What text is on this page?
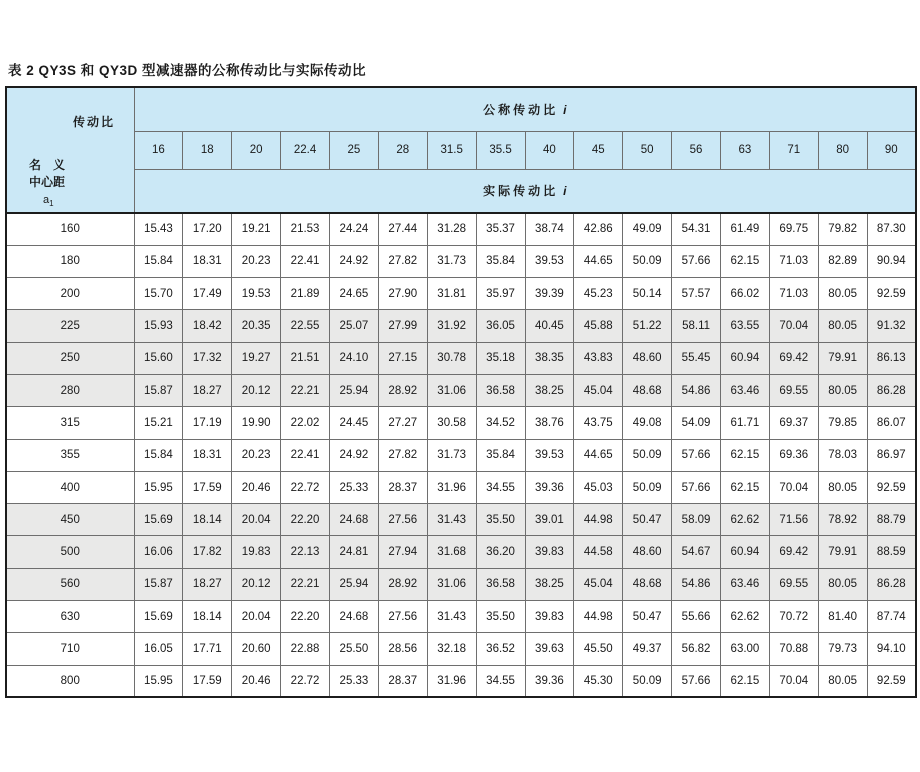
表 2 QY3S 和 QY3D 型减速器的公称传动比与实际传动比
传动比
名　义
中心距
$a_1$	公称传动比 i															
	16	18	20	22.4	25	28	31.5	35.5	40	45	50	56	63	71	80	90
	实际传动比 i															
160	15.43	17.20	19.21	21.53	24.24	27.44	31.28	35.37	38.74	42.86	49.09	54.31	61.49	69.75	79.82	87.30
180	15.84	18.31	20.23	22.41	24.92	27.82	31.73	35.84	39.53	44.65	50.09	57.66	62.15	71.03	82.89	90.94
200	15.70	17.49	19.53	21.89	24.65	27.90	31.81	35.97	39.39	45.23	50.14	57.57	66.02	71.03	80.05	92.59
225	15.93	18.42	20.35	22.55	25.07	27.99	31.92	36.05	40.45	45.88	51.22	58.11	63.55	70.04	80.05	91.32
250	15.60	17.32	19.27	21.51	24.10	27.15	30.78	35.18	38.35	43.83	48.60	55.45	60.94	69.42	79.91	86.13
280	15.87	18.27	20.12	22.21	25.94	28.92	31.06	36.58	38.25	45.04	48.68	54.86	63.46	69.55	80.05	86.28
315	15.21	17.19	19.90	22.02	24.45	27.27	30.58	34.52	38.76	43.75	49.08	54.09	61.71	69.37	79.85	86.07
355	15.84	18.31	20.23	22.41	24.92	27.82	31.73	35.84	39.53	44.65	50.09	57.66	62.15	69.36	78.03	86.97
400	15.95	17.59	20.46	22.72	25.33	28.37	31.96	34.55	39.36	45.03	50.09	57.66	62.15	70.04	80.05	92.59
450	15.69	18.14	20.04	22.20	24.68	27.56	31.43	35.50	39.01	44.98	50.47	58.09	62.62	71.56	78.92	88.79
500	16.06	17.82	19.83	22.13	24.81	27.94	31.68	36.20	39.83	44.58	48.60	54.67	60.94	69.42	79.91	88.59
560	15.87	18.27	20.12	22.21	25.94	28.92	31.06	36.58	38.25	45.04	48.68	54.86	63.46	69.55	80.05	86.28
630	15.69	18.14	20.04	22.20	24.68	27.56	31.43	35.50	39.83	44.98	50.47	55.66	62.62	70.72	81.40	87.74
710	16.05	17.71	20.60	22.88	25.50	28.56	32.18	36.52	39.63	45.50	49.37	56.82	63.00	70.88	79.73	94.10
800	15.95	17.59	20.46	22.72	25.33	28.37	31.96	34.55	39.36	45.30	50.09	57.66	62.15	70.04	80.05	92.59
